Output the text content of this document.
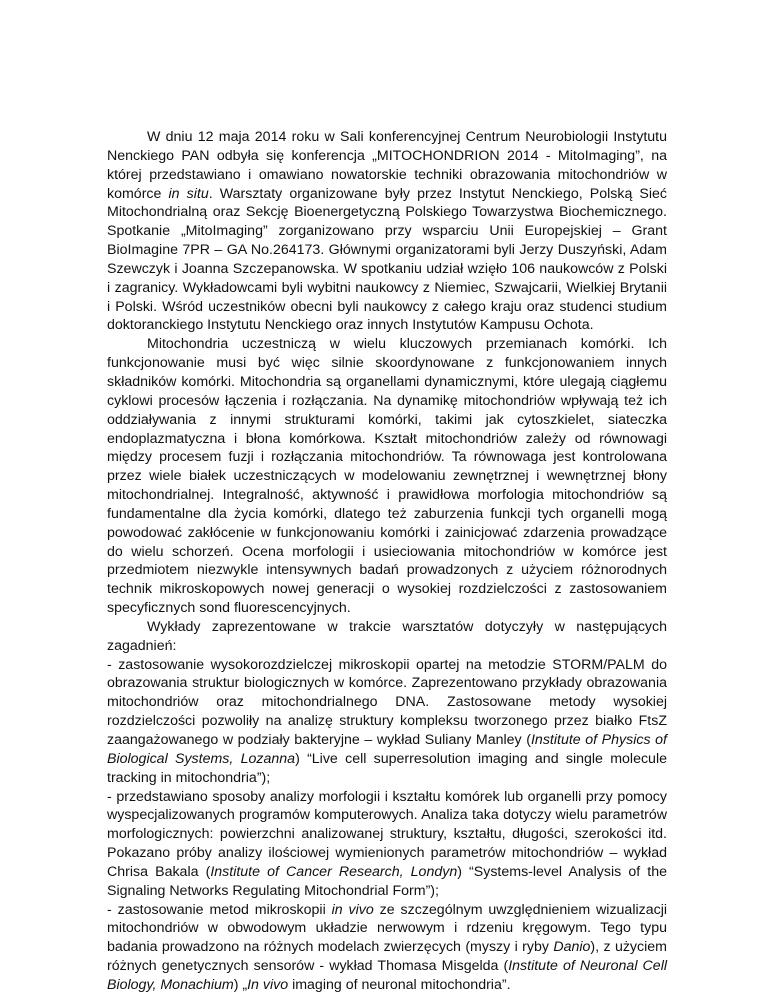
W dniu 12 maja 2014 roku w Sali konferencyjnej Centrum Neurobiologii Instytutu Nenckiego PAN odbyła się konferencja „MITOCHONDRION 2014 - MitoImaging”, na której przedstawiano i omawiano nowatorskie techniki obrazowania mitochondriów w komórce in situ. Warsztaty organizowane były przez Instytut Nenckiego, Polską Sieć Mitochondrialną oraz Sekcję Bioenergetyczną Polskiego Towarzystwa Biochemicznego. Spotkanie „MitoImaging” zorganizowano przy wsparciu Unii Europejskiej – Grant BioImagine 7PR – GA No.264173. Głównymi organizatorami byli Jerzy Duszyński, Adam Szewczyk i Joanna Szczepanowska. W spotkaniu udział wzięło 106 naukowców z Polski i zagranicy. Wykładowcami byli wybitni naukowcy z Niemiec, Szwajcarii, Wielkiej Brytanii i Polski. Wśród uczestników obecni byli naukowcy z całego kraju oraz studenci studium doktoranckiego Instytutu Nenckiego oraz innych Instytutów Kampusu Ochota.

Mitochondria uczestniczą w wielu kluczowych przemianach komórki. Ich funkcjonowanie musi być więc silnie skoordynowane z funkcjonowaniem innych składników komórki. Mitochondria są organellami dynamicznymi, które ulegają ciągłemu cyklowi procesów łączenia i rozłączania. Na dynamikę mitochondriów wpływają też ich oddziaływania z innymi strukturami komórki, takimi jak cytoszkielet, siateczka endoplazmatyczna i błona komórkowa. Kształt mitochondriów zależy od równowagi między procesem fuzji i rozłączania mitochondriów. Ta równowaga jest kontrolowana przez wiele białek uczestniczących w modelowaniu zewnętrznej i wewnętrznej błony mitochondrialnej. Integralność, aktywność i prawidłowa morfologia mitochondriów są fundamentalne dla życia komórki, dlatego też zaburzenia funkcji tych organelli mogą powodować zakłócenie w funkcjonowaniu komórki i zainicjować zdarzenia prowadzące do wielu schorzeń. Ocena morfologii i usieciowania mitochondriów w komórce jest przedmiotem niezwykle intensywnych badań prowadzonych z użyciem różnorodnych technik mikroskopowych nowej generacji o wysokiej rozdzielczości z zastosowaniem specyficznych sond fluorescencyjnych.

Wykłady zaprezentowane w trakcie warsztatów dotyczyły w następujących zagadnień:

- zastosowanie wysokorozdzielczej mikroskopii opartej na metodzie STORM/PALM do obrazowania struktur biologicznych w komórce. Zaprezentowano przykłady obrazowania mitochondriów oraz mitochondrialnego DNA. Zastosowane metody wysokiej rozdzielczości pozwoliły na analizę struktury kompleksu tworzonego przez białko FtsZ zaangażowanego w podziały bakteryjne – wykład Suliany Manley (Institute of Physics of Biological Systems, Lozanna) “Live cell superresolution imaging and single molecule tracking in mitochondria”);

- przedstawiano sposoby analizy morfologii i kształtu komórek lub organelli przy pomocy wyspecjalizowanych programów komputerowych. Analiza taka dotyczy wielu parametrów morfologicznych: powierzchni analizowanej struktury, kształtu, długości, szerokości itd. Pokazano próby analizy ilościowej wymienionych parametrów mitochondriów – wykład Chrisa Bakala (Institute of Cancer Research, Londyn) “Systems-level Analysis of the Signaling Networks Regulating Mitochondrial Form”);

- zastosowanie metod mikroskopii in vivo ze szczególnym uwzględnieniem wizualizacji mitochondriów w obwodowym układzie nerwowym i rdzeniu kręgowym. Tego typu badania prowadzono na różnych modelach zwierzęcych (myszy i ryby Danio), z użyciem różnych genetycznych sensorów - wykład Thomasa Misgelda (Institute of Neuronal Cell Biology, Monachium) „In vivo imaging of neuronal mitochondria”.
